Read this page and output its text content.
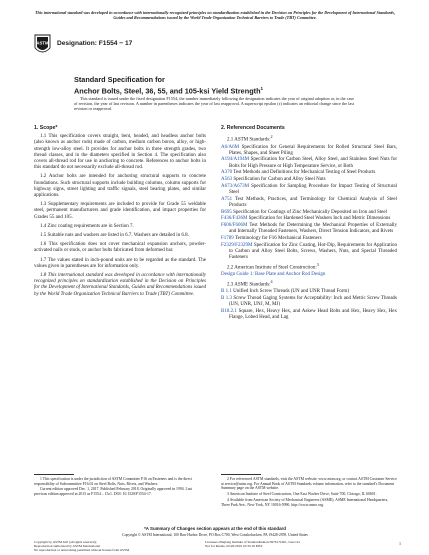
This international standard was developed in accordance with internationally recognized principles on standardization established in the Decision on Principles for the Development of International Standards, Guides and Recommendations issued by the World Trade Organization Technical Barriers to Trade (TBT) Committee.
ASTM Designation: F1554 − 17
Standard Specification for
Anchor Bolts, Steel, 36, 55, and 105-ksi Yield Strength$^1$
This standard is issued under the fixed designation F1554; the number immediately following the designation indicates the year of original adoption or, in the case of revision, the year of last revision. A number in parentheses indicates the year of last reapproval. A superscript epsilon (ε) indicates an editorial change since the last revision or reapproval.
1. Scope*

1.1 This specification covers straight, bent, headed, and headless anchor bolts (also known as anchor rods) made of carbon, medium carbon boron, alloy, or high-strength low-alloy steel. It provides for anchor bolts in three strength grades, two thread classes, and in the diameters specified in Section 4. The specification also covers all-thread rod for use in anchoring to concrete. References to anchor bolts in this standard do not necessarily exclude all-thread rod.

1.2 Anchor bolts are intended for anchoring structural supports to concrete foundations. Such structural supports include building columns, column supports for highway signs, street lighting and traffic signals, steel bearing plates, and similar applications.

1.3 Supplementary requirements are included to provide for Grade 55 weldable steel, permanent manufacturers and grade identification, and impact properties for Grades 55 and 105.

1.4 Zinc coating requirements are in Section 7.

1.5 Suitable nuts and washers are listed in 6.7. Washers are detailed in 6.8.

1.6 This specification does not cover mechanical expansion anchors, powder-activated nails or studs, or anchor bolts fabricated from deformed bar.

1.7 The values stated in inch-pound units are to be regarded as the standard. The values given in parentheses are for information only.

1.8 This international standard was developed in accordance with internationally recognized principles on standardization established in the Decision on Principles for the Development of International Standards, Guides and Recommendations issued by the World Trade Organization Technical Barriers to Trade (TBT) Committee.

2. Referenced Documents
2.1 ASTM Standards:$^2$
A6/A6M Specification for General Requirements for Rolled Structural Steel Bars, Plates, Shapes, and Sheet Piling
A194/A194M Specification for Carbon Steel, Alloy Steel, and Stainless Steel Nuts for Bolts for High Pressure or High Temperature Service, or Both
A370 Test Methods and Definitions for Mechanical Testing of Steel Products
A563 Specification for Carbon and Alloy Steel Nuts
A673/A673M Specification for Sampling Procedure for Impact Testing of Structural Steel
A751 Test Methods, Practices, and Terminology for Chemical Analysis of Steel Products
B695 Specification for Coatings of Zinc Mechanically Deposited on Iron and Steel
F436/F436M Specification for Hardened Steel Washers Inch and Metric Dimensions
F606/F606M Test Methods for Determining the Mechanical Properties of Externally and Internally Threaded Fasteners, Washers, Direct Tension Indicators, and Rivets
F1789 Terminology for F16 Mechanical Fasteners
F2329/F2329M Specification for Zinc Coating, Hot-Dip, Requirements for Application to Carbon and Alloy Steel Bolts, Screws, Washers, Nuts, and Special Threaded Fasteners
2.2 American Institute of Steel Construction:$^3$
Design Guide 1: Base Plate and Anchor Rod Design
2.3 ASME Standards:$^4$
B 1.1 Unified Inch Screw Threads (UN and UNR Thread Form)
B 1.3 Screw Thread Gaging Systems for Acceptability: Inch and Metric Screw Threads (UN, UNR, UNJ, M, MJ)
B18.2.1 Square, Hex, Heavy Hex, and Askew Head Bolts and Hex, Heavy Hex, Hex Flange, Lobed Head, and Lag

1 This specification is under the jurisdiction of ASTM Committee F16 on Fasteners and is the direct responsibility of Subcommittee F16.02 on Steel Bolts, Nuts, Rivets, and Washers.

Current edition approved Dec. 1, 2017. Published February 2018. Originally approved in 1994. Last previous edition approved in 2015 as F1554 – 15ε1. DOI: 10.1520/F1554-17.

2 For referenced ASTM standards, visit the ASTM website, www.astm.org, or contact ASTM Customer Service at service@astm.org. For Annual Book of ASTM Standards volume information, refer to the standard's Document Summary page on the ASTM website.

3 American Institute of Steel Construction, One East Wacker Drive, Suite 700, Chicago, IL 60601.

4 Available from American Society of Mechanical Engineers (ASME), ASME International Headquarters, Three Park Ave., New York, NY 10016-5990, http://www.asme.org.

*A Summary of Changes section appears at the end of this standard
Copyright © ASTM International, 100 Barr Harbor Drive, PO Box C700, West Conshohocken, PA 19428-2959. United States
Copyright by ASTM Int'l (all rights reserved);
Reproduction authorized by ASTM International
No reproduction or networking permitted without license from ASTM
Licensee=Zhejiang Institute of Standardization/5976171001, User=xx
Not for Resale, 02/20/2019 10:33:16 MST	1
